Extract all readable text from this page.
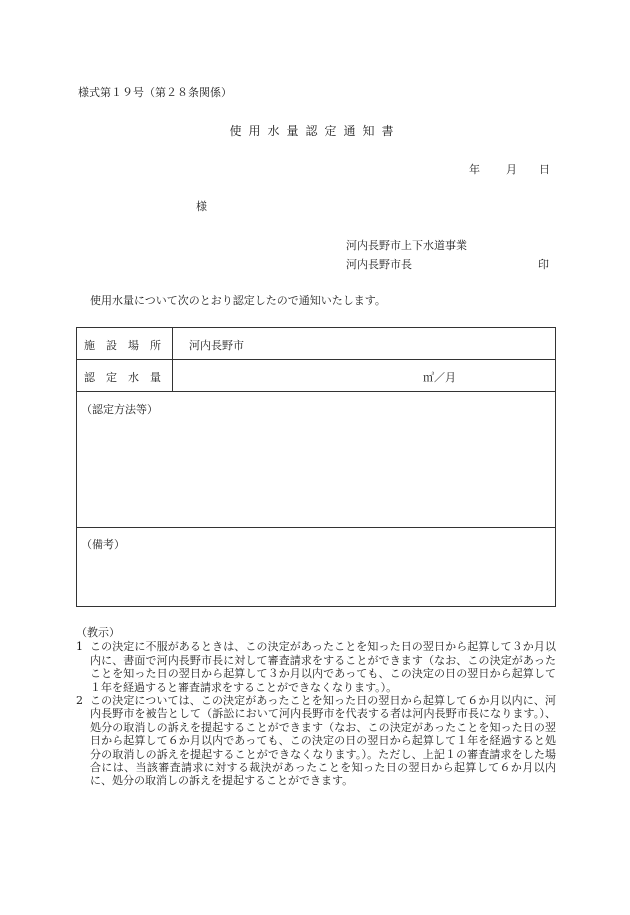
様式第１９号（第２８条関係）
使用水量認定通知書
年 月 日
様
河内長野市上下水道事業
河内長野市長	印
使用水量について次のとおり認定したので通知いたします。
施設場所 河内長野市
認定水量	㎥／月
（認定方法等）
（備考）
（教示）
1 この決定に不服があるときは、この決定があったことを知った日の翌日から起算して３か月以内に、書面で河内長野市長に対して審査請求をすることができます（なお、この決定があったことを知った日の翌日から起算して３か月以内であっても、この決定の日の翌日から起算して１年を経過すると審査請求をすることができなくなります。）。
2 この決定については、この決定があったことを知った日の翌日から起算して６か月以内に、河内長野市を被告として（訴訟において河内長野市を代表する者は河内長野市長になります。）、処分の取消しの訴えを提起することができます（なお、この決定があったことを知った日の翌日から起算して６か月以内であっても、この決定の日の翌日から起算して１年を経過すると処分の取消しの訴えを提起することができなくなります。）。ただし、上記１の審査請求をした場合には、当該審査請求に対する裁決があったことを知った日の翌日から起算して６か月以内に、処分の取消しの訴えを提起することができます。
